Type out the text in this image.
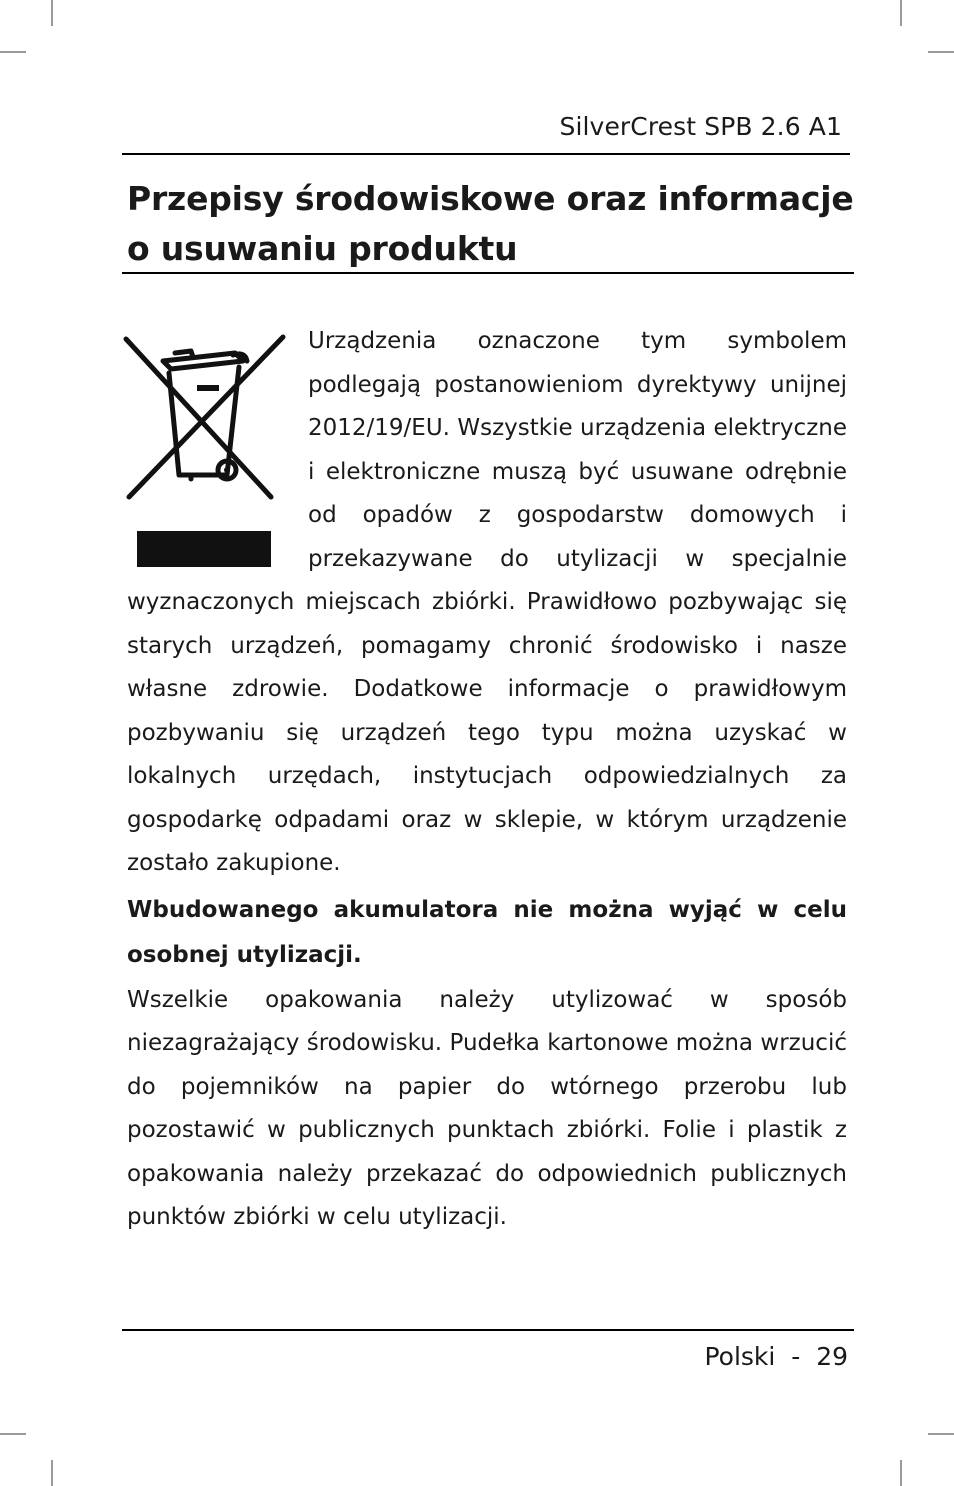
SilverCrest SPB 2.6 A1
Przepisy środowiskowe oraz informacje o usuwaniu produktu

Urządzenia oznaczone tym symbolem podlegają postanowieniom dyrektywy unijnej 2012/19/EU. Wszystkie urządzenia elektryczne i elektroniczne muszą być usuwane odrębnie od opadów z gospodarstw domowych i przekazywane do utylizacji w specjalnie wyznaczonych miejscach zbiórki. Prawidłowo pozbywając się starych urządzeń, pomagamy chronić środowisko i nasze własne zdrowie. Dodatkowe informacje o prawidłowym pozbywaniu się urządzeń tego typu można uzyskać w lokalnych urzędach, instytucjach odpowiedzialnych za gospodarkę odpadami oraz w sklepie, w którym urządzenie zostało zakupione.

Wbudowanego akumulatora nie można wyjąć w celu osobnej utylizacji.

Wszelkie opakowania należy utylizować w sposób niezagrażający środowisku. Pudełka kartonowe można wrzucić do pojemników na papier do wtórnego przerobu lub pozostawić w publicznych punktach zbiórki. Folie i plastik z opakowania należy przekazać do odpowiednich publicznych punktów zbiórki w celu utylizacji.

Polski - 29
